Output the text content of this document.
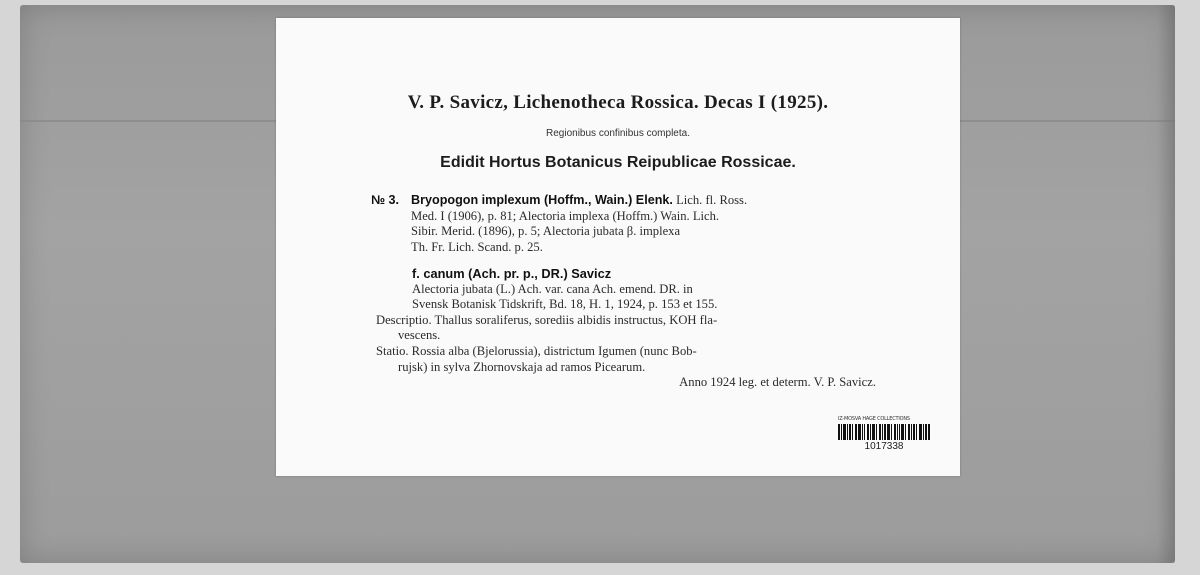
V. P. Savicz, Lichenotheca Rossica. Decas I (1925).
Regionibus confinibus completa.
Edidit Hortus Botanicus Reipublicae Rossicae.
№ 3. Bryopogon implexum (Hoffm., Wain.) Elenk. Lich. fl. Ross.
Med. I (1906), p. 81; Alectoria implexa (Hoffm.) Wain. Lich.
Sibir. Merid. (1896), p. 5; Alectoria jubata β. implexa
Th. Fr. Lich. Scand. p. 25.
f. canum (Ach. pr. p., DR.) Savicz
Alectoria jubata (L.) Ach. var. cana Ach. emend. DR. in
Svensk Botanisk Tidskrift, Bd. 18, H. 1, 1924, p. 153 et 155.
Descriptio. Thallus soraliferus, sorediis albidis instructus, KOH fla-
vescens.
Statio. Rossia alba (Bjelorussia), districtum Igumen (nunc Bob-
rujsk) in sylva Zhornovskaja ad ramos Picearum.
Anno 1924 leg. et determ. V. P. Savicz.
IZ-MOSVA HAGE COLLECTIONS
1017338
